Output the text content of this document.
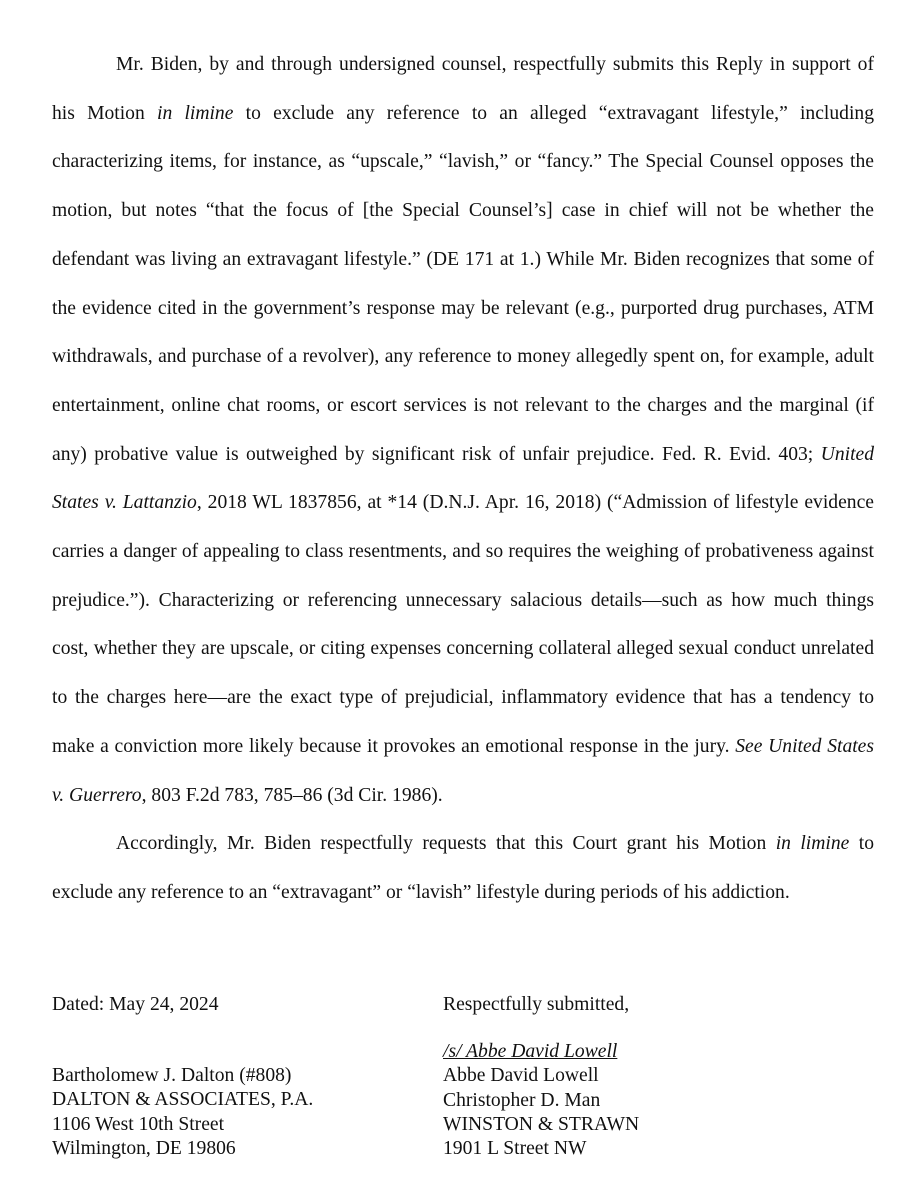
Mr. Biden, by and through undersigned counsel, respectfully submits this Reply in support of his Motion in limine to exclude any reference to an alleged “extravagant lifestyle,” including characterizing items, for instance, as “upscale,” “lavish,” or “fancy.” The Special Counsel opposes the motion, but notes “that the focus of [the Special Counsel’s] case in chief will not be whether the defendant was living an extravagant lifestyle.” (DE 171 at 1.) While Mr. Biden recognizes that some of the evidence cited in the government’s response may be relevant (e.g., purported drug purchases, ATM withdrawals, and purchase of a revolver), any reference to money allegedly spent on, for example, adult entertainment, online chat rooms, or escort services is not relevant to the charges and the marginal (if any) probative value is outweighed by significant risk of unfair prejudice. Fed. R. Evid. 403; United States v. Lattanzio, 2018 WL 1837856, at *14 (D.N.J. Apr. 16, 2018) (“Admission of lifestyle evidence carries a danger of appealing to class resentments, and so requires the weighing of probativeness against prejudice.”). Characterizing or referencing unnecessary salacious details—such as how much things cost, whether they are upscale, or citing expenses concerning collateral alleged sexual conduct unrelated to the charges here—are the exact type of prejudicial, inflammatory evidence that has a tendency to make a conviction more likely because it provokes an emotional response in the jury. See United States v. Guerrero, 803 F.2d 783, 785–86 (3d Cir. 1986).

Accordingly, Mr. Biden respectfully requests that this Court grant his Motion in limine to exclude any reference to an “extravagant” or “lavish” lifestyle during periods of his addiction.

Dated: May 24, 2024	Respectfully submitted,
/s/ Abbe David Lowell
Abbe David Lowell
Christopher D. Man
WINSTON & STRAWN
1901 L Street NW
Bartholomew J. Dalton (#808)
DALTON & ASSOCIATES, P.A.
1106 West 10th Street
Wilmington, DE 19806
